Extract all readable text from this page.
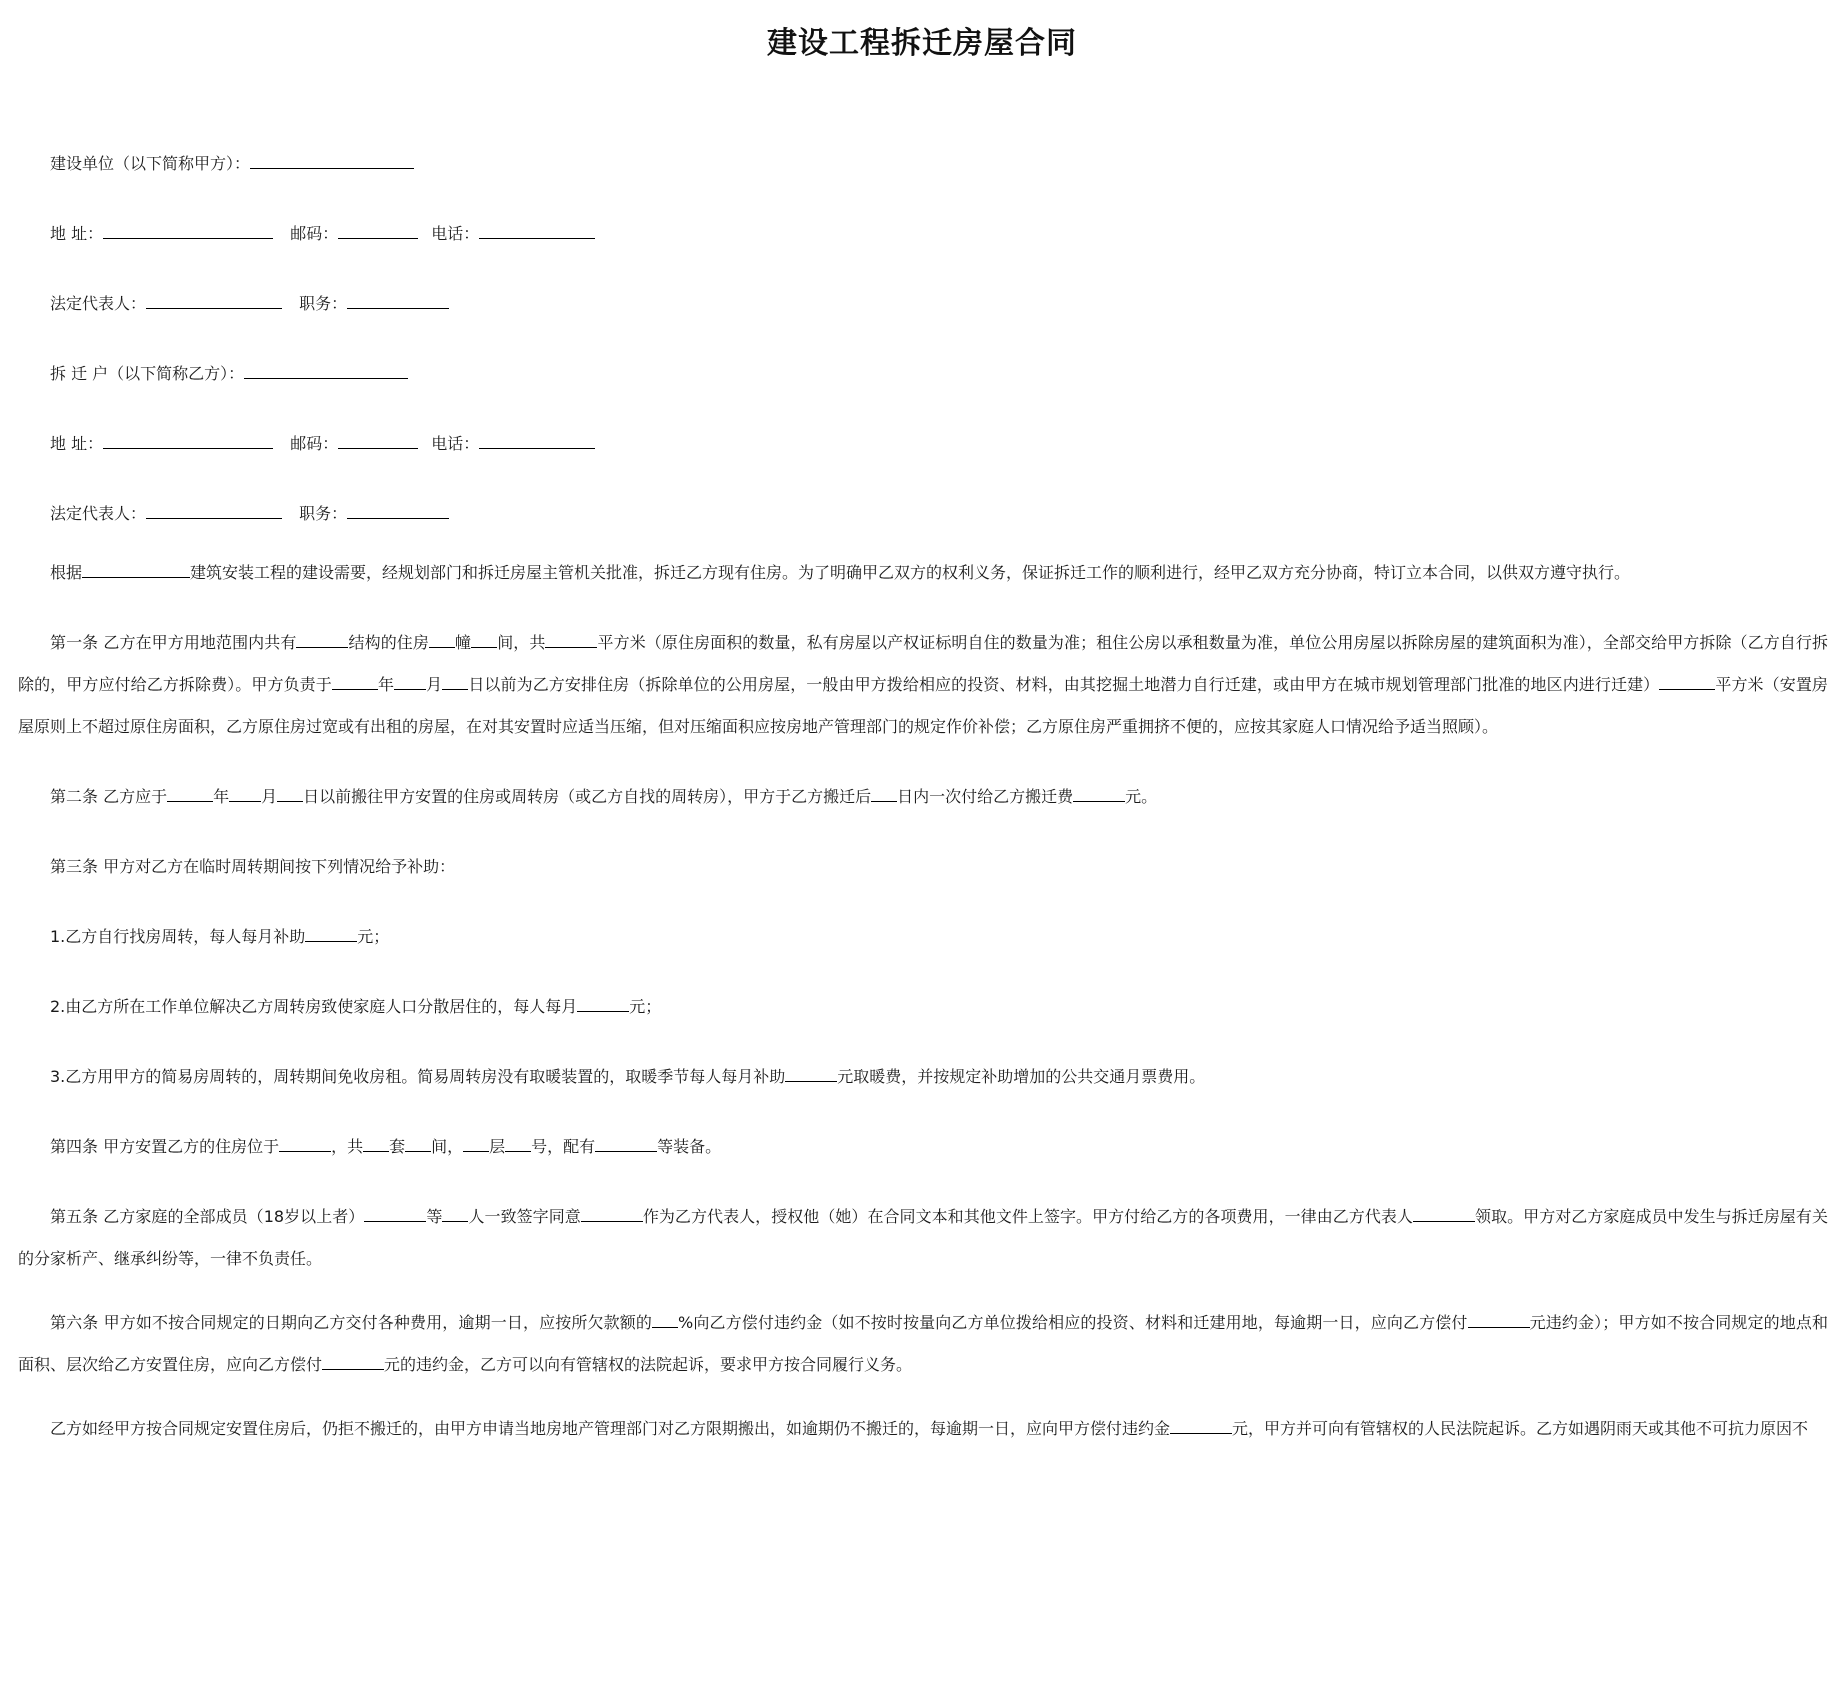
建设工程拆迁房屋合同
建设单位（以下简称甲方）：
地 址：	邮码：	电话：
法定代表人：	职务：
拆 迁 户（以下简称乙方）：
地 址：	邮码：	电话：
法定代表人：	职务：
根据	建筑安装工程的建设需要，经规划部门和拆迁房屋主管机关批准，拆迁乙方现有住房。为了明确甲乙双方的权利义务，保证拆迁工作的顺利进行，经甲乙双方充分协商，特订立本合同，以供双方遵守执行。
第一条 乙方在甲方用地范围内共有	结构的住房 幢 间，共	平方米（原住房面积的数量，私有房屋以产权证标明自住的数量为准；租住公房以承租数量为准，单位公用房屋以拆除房屋的建筑面积为准），全部交给甲方拆除（乙方自行拆除的，甲方应付给乙方拆除费）。甲方负责于	年 月 日以前为乙方安排住房（拆除单位的公用房屋，一般由甲方拨给相应的投资、材料，由其挖掘土地潜力自行迁建，或由甲方在城市规划管理部门批准的地区内进行迁建）	平方米（安置房屋原则上不超过原住房面积，乙方原住房过宽或有出租的房屋，在对其安置时应适当压缩，但对压缩面积应按房地产管理部门的规定作价补偿；乙方原住房严重拥挤不便的，应按其家庭人口情况给予适当照顾）。
第二条 乙方应于	年 月 日以前搬往甲方安置的住房或周转房（或乙方自找的周转房），甲方于乙方搬迁后 日内一次付给乙方搬迁费	元。
第三条 甲方对乙方在临时周转期间按下列情况给予补助：
1.乙方自行找房周转，每人每月补助	元；
2.由乙方所在工作单位解决乙方周转房致使家庭人口分散居住的，每人每月	元；
3.乙方用甲方的简易房周转的，周转期间免收房租。简易周转房没有取暖装置的，取暖季节每人每月补助	元取暖费，并按规定补助增加的公共交通月票费用。
第四条 甲方安置乙方的住房位于	，共 套 间， 层 号，配有	等装备。
第五条 乙方家庭的全部成员（18岁以上者）	等 人一致签字同意	作为乙方代表人，授权他（她）在合同文本和其他文件上签字。甲方付给乙方的各项费用，一律由乙方代表人	领取。甲方对乙方家庭成员中发生与拆迁房屋有关的分家析产、继承纠纷等，一律不负责任。
第六条 甲方如不按合同规定的日期向乙方交付各种费用，逾期一日，应按所欠款额的 %向乙方偿付违约金（如不按时按量向乙方单位拨给相应的投资、材料和迁建用地，每逾期一日，应向乙方偿付	元违约金）；甲方如不按合同规定的地点和面积、层次给乙方安置住房，应向乙方偿付	元的违约金，乙方可以向有管辖权的法院起诉，要求甲方按合同履行义务。
乙方如经甲方按合同规定安置住房后，仍拒不搬迁的，由甲方申请当地房地产管理部门对乙方限期搬出，如逾期仍不搬迁的，每逾期一日，应向甲方偿付违约金	元，甲方并可向有管辖权的人民法院起诉。乙方如遇阴雨天或其他不可抗力原因不
